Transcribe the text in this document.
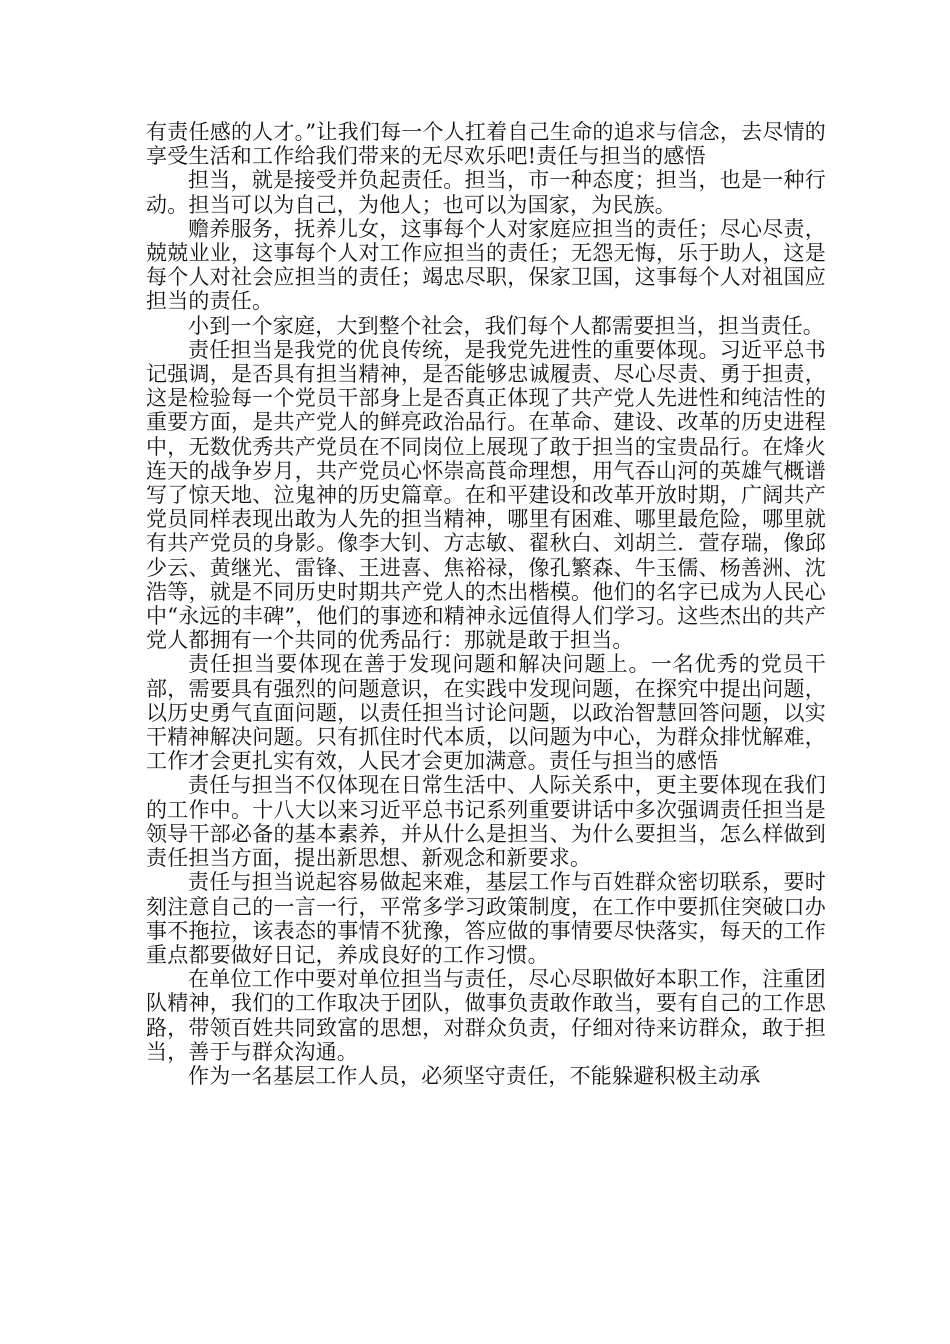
有责任感的人才。”让我们每一个人扛着自己生命的追求与信念，去尽情的享受生活和工作给我们带来的无尽欢乐吧!责任与担当的感悟

担当，就是接受并负起责任。担当，市一种态度；担当，也是一种行动。担当可以为自己，为他人；也可以为国家，为民族。

赡养服务，抚养儿女，这事每个人对家庭应担当的责任；尽心尽责，兢兢业业，这事每个人对工作应担当的责任；无怨无悔，乐于助人，这是每个人对社会应担当的责任；竭忠尽职，保家卫国，这事每个人对祖国应担当的责任。

小到一个家庭，大到整个社会，我们每个人都需要担当，担当责任。

责任担当是我党的优良传统，是我党先进性的重要体现。习近平总书记强调，是否具有担当精神，是否能够忠诚履责、尽心尽责、勇于担责，这是检验每一个党员干部身上是否真正体现了共产党人先进性和纯洁性的重要方面，是共产党人的鲜亮政治品行。在革命、建设、改革的历史进程中，无数优秀共产党员在不同岗位上展现了敢于担当的宝贵品行。在烽火连天的战争岁月，共产党员心怀崇高莨命理想，用气吞山河的英雄气概谱写了惊天地、泣鬼神的历史篇章。在和平建设和改革开放时期，广阔共产党员同样表现出敢为人先的担当精神，哪里有困难、哪里最危险，哪里就有共产党员的身影。像李大钊、方志敏、翟秋白、刘胡兰．萱存瑞，像邱少云、黄继光、雷锋、王进喜、焦裕禄，像孔繁森、牛玉儒、杨善洲、沈浩等，就是不同历史时期共产党人的杰出楷模。他们的名字已成为人民心中“永远的丰碑”，他们的事迹和精神永远值得人们学习。这些杰出的共产党人都拥有一个共同的优秀品行：那就是敢于担当。

责任担当要体现在善于发现问题和解决问题上。一名优秀的党员干部，需要具有强烈的问题意识，在实践中发现问题，在探究中提出问题，以历史勇气直面问题，以责任担当讨论问题，以政治智慧回答问题，以实干精神解决问题。只有抓住时代本质，以问题为中心，为群众排忧解难，工作才会更扎实有效，人民才会更加满意。责任与担当的感悟

责任与担当不仅体现在日常生活中、人际关系中，更主要体现在我们的工作中。十八大以来习近平总书记系列重要讲话中多次强调责任担当是领导干部必备的基本素养，并从什么是担当、为什么要担当，怎么样做到责任担当方面，提出新思想、新观念和新要求。

责任与担当说起容易做起来难，基层工作与百姓群众密切联系，要时刻注意自己的一言一行，平常多学习政策制度，在工作中要抓住突破口办事不拖拉，该表态的事情不犹豫，答应做的事情要尽快落实，每天的工作重点都要做好日记，养成良好的工作习惯。

在单位工作中要对单位担当与责任，尽心尽职做好本职工作，注重团队精神，我们的工作取决于团队，做事负责敢作敢当，要有自己的工作思路，带领百姓共同致富的思想，对群众负责，仔细对待来访群众，敢于担当，善于与群众沟通。

作为一名基层工作人员，必须坚守责任，不能躲避积极主动承
